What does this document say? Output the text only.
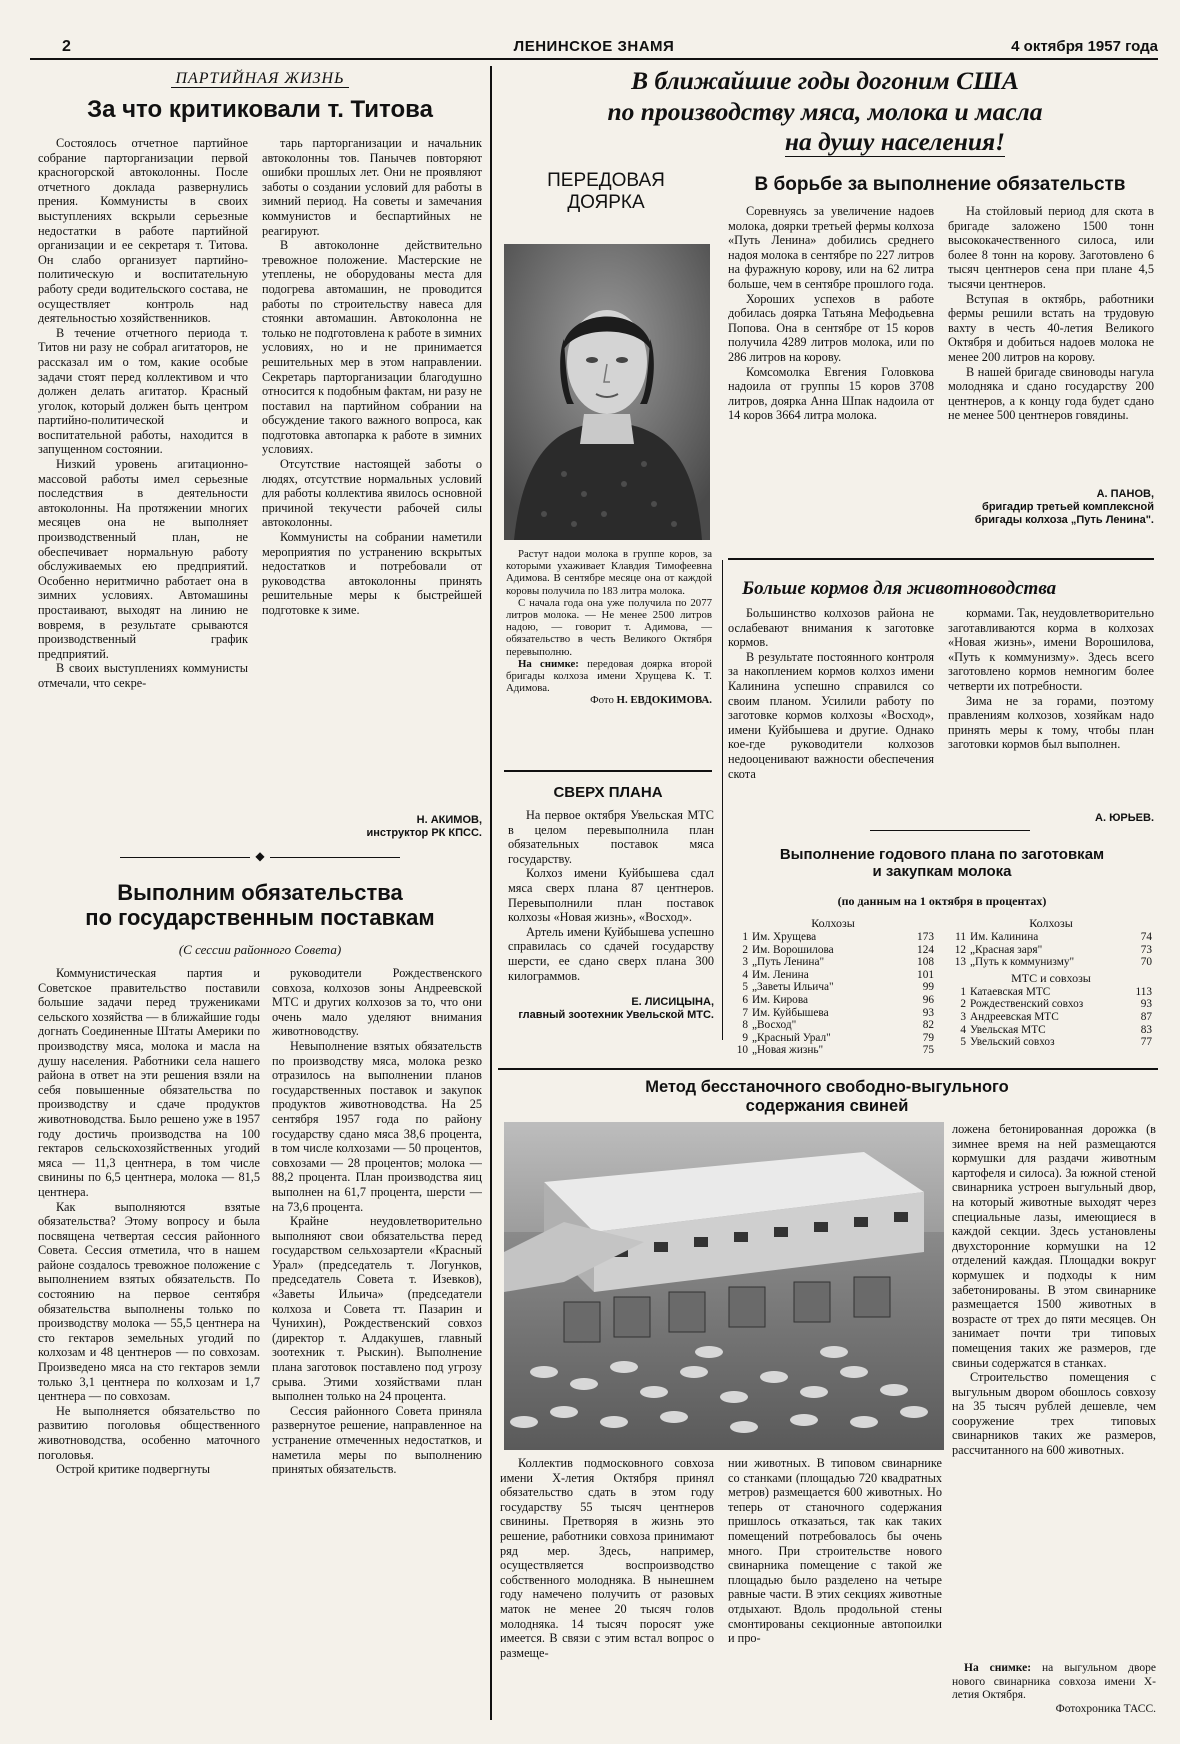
2	ЛЕНИНСКОЕ ЗНАМЯ	4 октября 1957 года
ПАРТИЙНАЯ ЖИЗНЬ
За что критиковали т. Титова

Состоялось отчетное партийное собрание парторганизации первой красногорской автоколонны. После отчетного доклада развернулись прения. Коммунисты в своих выступлениях вскрыли серьезные недостатки в работе партийной организации и ее секретаря т. Титова. Он слабо организует партийно-политическую и воспитательную работу среди водительского состава, не осуществляет контроль над деятельностью хозяйственников.

В течение отчетного периода т. Титов ни разу не собрал агитаторов, не рассказал им о том, какие особые задачи стоят перед коллективом и что должен делать агитатор. Красный уголок, который должен быть центром партийно-политической и воспитательной работы, находится в запущенном состоянии.

Низкий уровень агитационно-массовой работы имел серьезные последствия в деятельности автоколонны. На протяжении многих месяцев она не выполняет производственный план, не обеспечивает нормальную работу обслуживаемых ею предприятий. Особенно неритмично работает она в зимних условиях. Автомашины простаивают, выходят на линию не вовремя, в результате срываются производственный график предприятий.

В своих выступлениях коммунисты отмечали, что секре-

тарь парторганизации и начальник автоколонны тов. Панычев повторяют ошибки прошлых лет. Они не проявляют заботы о создании условий для работы в зимний период. На советы и замечания коммунистов и беспартийных не реагируют.

В автоколонне действительно тревожное положение. Мастерские не утеплены, не оборудованы места для подогрева автомашин, не проводится работы по строительству навеса для стоянки автомашин. Автоколонна не только не подготовлена к работе в зимних условиях, но и не принимается решительных мер в этом направлении. Секретарь парторганизации благодушно относится к подобным фактам, ни разу не поставил на партийном собрании на обсуждение такого важного вопроса, как подготовка автопарка к работе в зимних условиях.

Отсутствие настоящей заботы о людях, отсутствие нормальных условий для работы коллектива явилось основной причиной текучести рабочей силы автоколонны.

Коммунисты на собрании наметили мероприятия по устранению вскрытых недостатков и потребовали от руководства автоколонны принять решительные меры к быстрейшей подготовке к зиме.

Н. АКИМОВ,
инструктор РК КПСС.
◆
Выполним обязательства
по государственным поставкам
(С сессии районного Совета)

Коммунистическая партия и Советское правительство поставили большие задачи перед тружениками сельского хозяйства — в ближайшие годы догнать Соединенные Штаты Америки по производству мяса, молока и масла на душу населения. Работники села нашего района в ответ на эти решения взяли на себя повышенные обязательства по производству и сдаче продуктов животноводства. Было решено уже в 1957 году достичь производства на 100 гектаров сельскохозяйственных угодий мяса — 11,3 центнера, в том числе свинины по 6,5 центнера, молока — 81,5 центнера.

Как выполняются взятые обязательства? Этому вопросу и была посвящена четвертая сессия районного Совета. Сессия отметила, что в нашем районе создалось тревожное положение с выполнением взятых обязательств. По состоянию на первое сентября обязательства выполнены только по производству молока — 55,5 центнера на сто гектаров земельных угодий по колхозам и 48 центнеров — по совхозам. Произведено мяса на сто гектаров земли только 3,1 центнера по колхозам и 1,7 центнера — по совхозам.

Не выполняется обязательство по развитию поголовья общественного животноводства, особенно маточного поголовья.

Острой критике подвергнуты

руководители Рождественского совхоза, колхозов зоны Андреевской МТС и других колхозов за то, что они очень мало уделяют внимания животноводству.

Невыполнение взятых обязательств по производству мяса, молока резко отразилось на выполнении планов государственных поставок и закупок продуктов животноводства. На 25 сентября 1957 года по району государству сдано мяса 38,6 процента, в том числе колхозами — 50 процентов, совхозами — 28 процентов; молока — 88,2 процента. План производства яиц выполнен на 61,7 процента, шерсти — на 73,6 процента.

Крайне неудовлетворительно выполняют свои обязательства перед государством сельхозартели «Красный Урал» (председатель т. Логунков, председатель Совета т. Изевков), «Заветы Ильича» (председатели колхоза и Совета тт. Пазарин и Чунихин), Рождественский совхоз (директор т. Алдакушев, главный зоотехник т. Рыскин). Выполнение плана заготовок поставлено под угрозу срыва. Этими хозяйствами план выполнен только на 24 процента.

Сессия районного Совета приняла развернутое решение, направленное на устранение отмеченных недостатков, и наметила меры по выполнению принятых обязательств.

В ближайшие годы догоним США
по производству мяса, молока и масла
на душу населения!
ПЕРЕДОВАЯ
ДОЯРКА

Растут надои молока в группе коров, за которыми ухаживает Клавдия Тимофеевна Адимова. В сентябре месяце она от каждой коровы получила по 183 литра молока.

С начала года она уже получила по 2077 литров молока. — Не менее 2500 литров надою, — говорит т. Адимова, — обязательство в честь Великого Октября перевыполню.

На снимке: передовая доярка второй бригады колхоза имени Хрущева К. Т. Адимова.

Фото Н. ЕВДОКИМОВА.
СВЕРХ ПЛАНА

На первое октября Увельская МТС в целом перевыполнила план обязательных поставок мяса государству.

Колхоз имени Куйбышева сдал мяса сверх плана 87 центнеров. Перевыполнили план поставок колхозы «Новая жизнь», «Восход».

Артель имени Куйбышева успешно справилась со сдачей государству шерсти, ее сдано сверх плана 300 килограммов.

Е. ЛИСИЦЫНА,
главный зоотехник Увельской МТС.
В борьбе за выполнение обязательств

Соревнуясь за увеличение надоев молока, доярки третьей фермы колхоза «Путь Ленина» добились среднего надоя молока в сентябре по 227 литров на фуражную корову, или на 62 литра больше, чем в сентябре прошлого года.

Хороших успехов в работе добилась доярка Татьяна Мефодьевна Попова. Она в сентябре от 15 коров получила 4289 литров молока, или по 286 литров на корову.

Комсомолка Евгения Головкова надоила от группы 15 коров 3708 литров, доярка Анна Шпак надоила от 14 коров 3664 литра молока.

На стойловый период для скота в бригаде заложено 1500 тонн высококачественного силоса, или более 8 тонн на корову. Заготовлено 6 тысяч центнеров сена при плане 4,5 тысячи центнеров.

Вступая в октябрь, работники фермы решили встать на трудовую вахту в честь 40-летия Великого Октября и добиться надоев молока не менее 200 литров на корову.

В нашей бригаде свиноводы нагула молодняка и сдано государству 200 центнеров, а к концу года будет сдано не менее 500 центнеров говядины.

А. ПАНОВ,
бригадир третьей комплексной
бригады колхоза „Путь Ленина".
Больше кормов для животноводства

Большинство колхозов района не ослабевают внимания к заготовке кормов.

В результате постоянного контроля за накоплением кормов колхоз имени Калинина успешно справился со своим планом. Усилили работу по заготовке кормов колхозы «Восход», имени Куйбышева и другие. Однако кое-где руководители колхозов недооценивают важности обеспечения скота

кормами. Так, неудовлетворительно заготавливаются корма в колхозах «Новая жизнь», имени Ворошилова, «Путь к коммунизму». Здесь всего заготовлено кормов немногим более четверти их потребности.

Зима не за горами, поэтому правлениям колхозов, хозяйкам надо принять меры к тому, чтобы план заготовки кормов был выполнен.

А. ЮРЬЕВ.
Выполнение годового плана по заготовкам
и закупкам молока
(по данным на 1 октября в процентах)
Колхозы
1	Им. Хрущева	173
2	Им. Ворошилова	124
3	„Путь Ленина"	108
4	Им. Ленина	101
5	„Заветы Ильича"	99
6	Им. Кирова	96
7	Им. Куйбышева	93
8	„Восход"	82
9	„Красный Урал"	79
10	„Новая жизнь"	75
Колхозы
11	Им. Калинина	74
12	„Красная заря"	73
13	„Путь к коммунизму"	70
МТС и совхозы
1	Катаевская МТС	113
2	Рождественский совхоз	93
3	Андреевская МТС	87
4	Увельская МТС	83
5	Увельский совхоз	77
Метод бесстаночного свободно-выгульного
содержания свиней

Коллектив подмосковного совхоза имени X-летия Октября принял обязательство сдать в этом году государству 55 тысяч центнеров свинины. Претворяя в жизнь это решение, работники совхоза принимают ряд мер. Здесь, например, осуществляется воспроизводство собственного молодняка. В нынешнем году намечено получить от разовых маток не менее 20 тысяч голов молодняка. 14 тысяч поросят уже имеется. В связи с этим встал вопрос о размеще-

нии животных. В типовом свинарнике со станками (площадью 720 квадратных метров) размещается 600 животных. Но теперь от станочного содержания пришлось отказаться, так как таких помещений потребовалось бы очень много. При строительстве нового свинарника помещение с такой же площадью было разделено на четыре равные части. В этих секциях животные отдыхают. Вдоль продольной стены смонтированы секционные автопоилки и про-

ложена бетонированная дорожка (в зимнее время на ней размещаются кормушки для раздачи животным картофеля и силоса). За южной стеной свинарника устроен выгульный двор, на который животные выходят через специальные лазы, имеющиеся в каждой секции. Здесь установлены двухсторонние кормушки на 12 отделений каждая. Площадки вокруг кормушек и подходы к ним забетонированы. В этом свинарнике размещается 1500 животных в возрасте от трех до пяти месяцев. Он занимает почти три типовых помещения таких же размеров, где свиньи содержатся в станках.

Строительство помещения с выгульным двором обошлось совхозу на 35 тысяч рублей дешевле, чем сооружение трех типовых свинарников таких же размеров, рассчитанного на 600 животных.

На снимке: на выгульном дворе нового свинарника совхоза имени X-летия Октября.

Фотохроника ТАСС.
